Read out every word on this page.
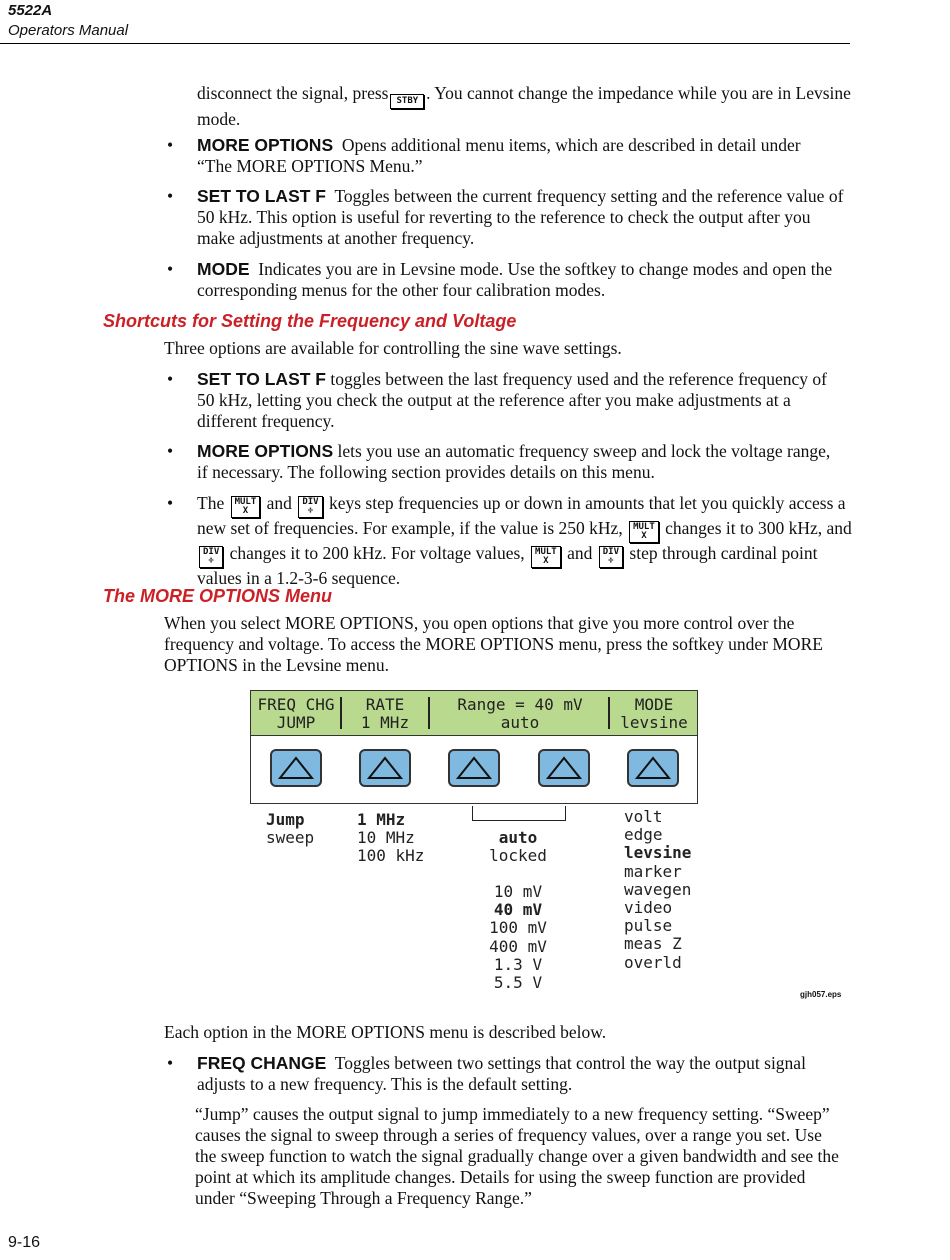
5522A
Operators Manual

disconnect the signal, press STBY . You cannot change the impedance while you are in Levsine mode.

• MORE OPTIONS Opens additional menu items, which are described in detail under “The MORE OPTIONS Menu.”

• SET TO LAST F Toggles between the current frequency setting and the reference value of 50 kHz. This option is useful for reverting to the reference to check the output after you make adjustments at another frequency.

• MODE Indicates you are in Levsine mode. Use the softkey to change modes and open the corresponding menus for the other four calibration modes.

Shortcuts for Setting the Frequency and Voltage

Three options are available for controlling the sine wave settings.

• SET TO LAST F toggles between the last frequency used and the reference frequency of 50 kHz, letting you check the output at the reference after you make adjustments at a different frequency.

• MORE OPTIONS lets you use an automatic frequency sweep and lock the voltage range, if necessary. The following section provides details on this menu.

• The MULT
X	and DIV
÷ keys step frequencies up or down in amounts that let you quickly access a new set of frequencies. For example, if the value is 250 kHz, MULT
X	changes it to 300 kHz, and
DIV
÷ changes it to 200 kHz. For voltage values, MULT
X	and DIV
÷ step through cardinal point values in a 1.2-3-6 sequence.

The MORE OPTIONS Menu

When you select MORE OPTIONS, you open options that give you more control over the frequency and voltage. To access the MORE OPTIONS menu, press the softkey under MORE OPTIONS in the Levsine menu.

FREQ CHG
JUMP
RATE
1 MHz
Range = 40 mV
auto
MODE
levsine
Jump
sweep
1 MHz
10 MHz
100 kHz
auto
locked
10 mV
40 mV
100 mV
400 mV
1.3 V
5.5 V
volt
edge
levsine
marker
wavegen
video
pulse
meas Z
overld
gjh057.eps

Each option in the MORE OPTIONS menu is described below.

• FREQ CHANGE Toggles between two settings that control the way the output signal adjusts to a new frequency. This is the default setting.

“Jump” causes the output signal to jump immediately to a new frequency setting. “Sweep” causes the signal to sweep through a series of frequency values, over a range you set. Use the sweep function to watch the signal gradually change over a given bandwidth and see the point at which its amplitude changes. Details for using the sweep function are provided under “Sweeping Through a Frequency Range.”

9-16
